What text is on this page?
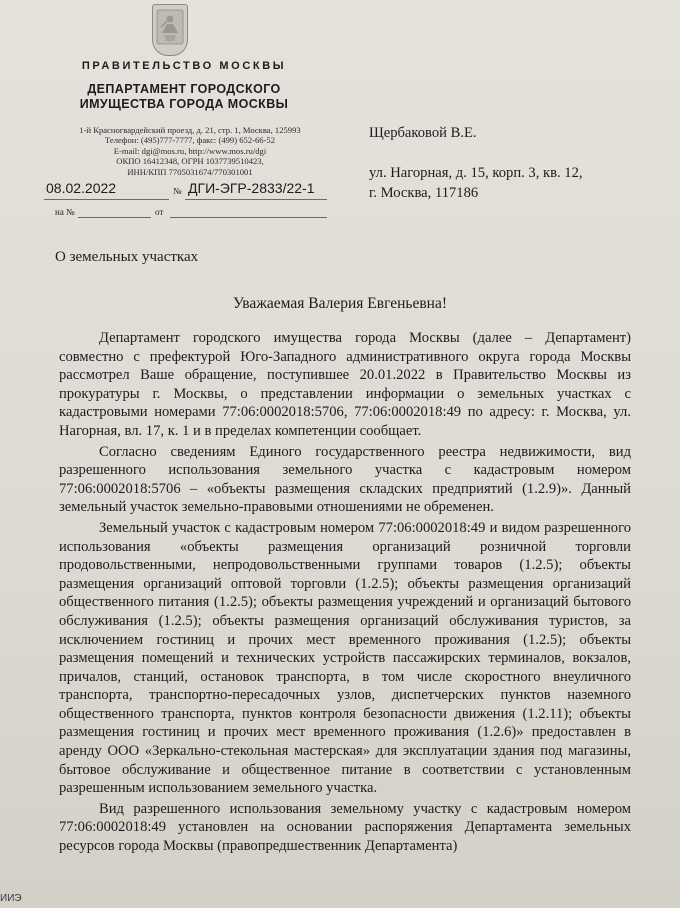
ПРАВИТЕЛЬСТВО МОСКВЫ
ДЕПАРТАМЕНТ ГОРОДСКОГО
ИМУЩЕСТВА ГОРОДА МОСКВЫ
1-й Красногвардейский проезд, д. 21, стр. 1, Москва, 125993
Телефон: (495)777-7777, факс: (499) 652-66-52
E-mail: dgi@mos.ru, http://www.mos.ru/dgi
ОКПО 16412348, ОГРН 1037739510423,
ИНН/КПП 7705031674/770301001
08.02.2022	№ ДГИ-ЭГР-2833/22-1
на №	от
Щербаковой В.Е.
ул. Нагорная, д. 15, корп. 3, кв. 12,
г. Москва, 117186
О земельных участках
Уважаемая Валерия Евгеньевна!

Департамент городского имущества города Москвы (далее – Департамент) совместно с префектурой Юго-Западного административного округа города Москвы рассмотрел Ваше обращение, поступившее 20.01.2022 в Правительство Москвы из прокуратуры г. Москвы, о представлении информации о земельных участках с кадастровыми номерами 77:06:0002018:5706, 77:06:0002018:49 по адресу: г. Москва, ул. Нагорная, вл. 17, к. 1 и в пределах компетенции сообщает.

Согласно сведениям Единого государственного реестра недвижимости, вид разрешенного использования земельного участка с кадастровым номером 77:06:0002018:5706 – «объекты размещения складских предприятий (1.2.9)». Данный земельный участок земельно-правовыми отношениями не обременен.

Земельный участок с кадастровым номером 77:06:0002018:49 и видом разрешенного использования «объекты размещения организаций розничной торговли продовольственными, непродовольственными группами товаров (1.2.5); объекты размещения организаций оптовой торговли (1.2.5); объекты размещения организаций общественного питания (1.2.5); объекты размещения учреждений и организаций бытового обслуживания (1.2.5); объекты размещения организаций обслуживания туристов, за исключением гостиниц и прочих мест временного проживания (1.2.5); объекты размещения помещений и технических устройств пассажирских терминалов, вокзалов, причалов, станций, остановок транспорта, в том числе скоростного внеуличного транспорта, транспортно-пересадочных узлов, диспетчерских пунктов наземного общественного транспорта, пунктов контроля безопасности движения (1.2.11); объекты размещения гостиниц и прочих мест временного проживания (1.2.6)» предоставлен в аренду ООО «Зеркально-стекольная мастерская» для эксплуатации здания под магазины, бытовое обслуживание и общественное питание в соответствии с установленным разрешенным использованием земельного участка.

Вид разрешенного использования земельному участку с кадастровым номером 77:06:0002018:49 установлен на основании распоряжения Департамента земельных ресурсов города Москвы (правопредшественник Департамента)

ИИЭ
